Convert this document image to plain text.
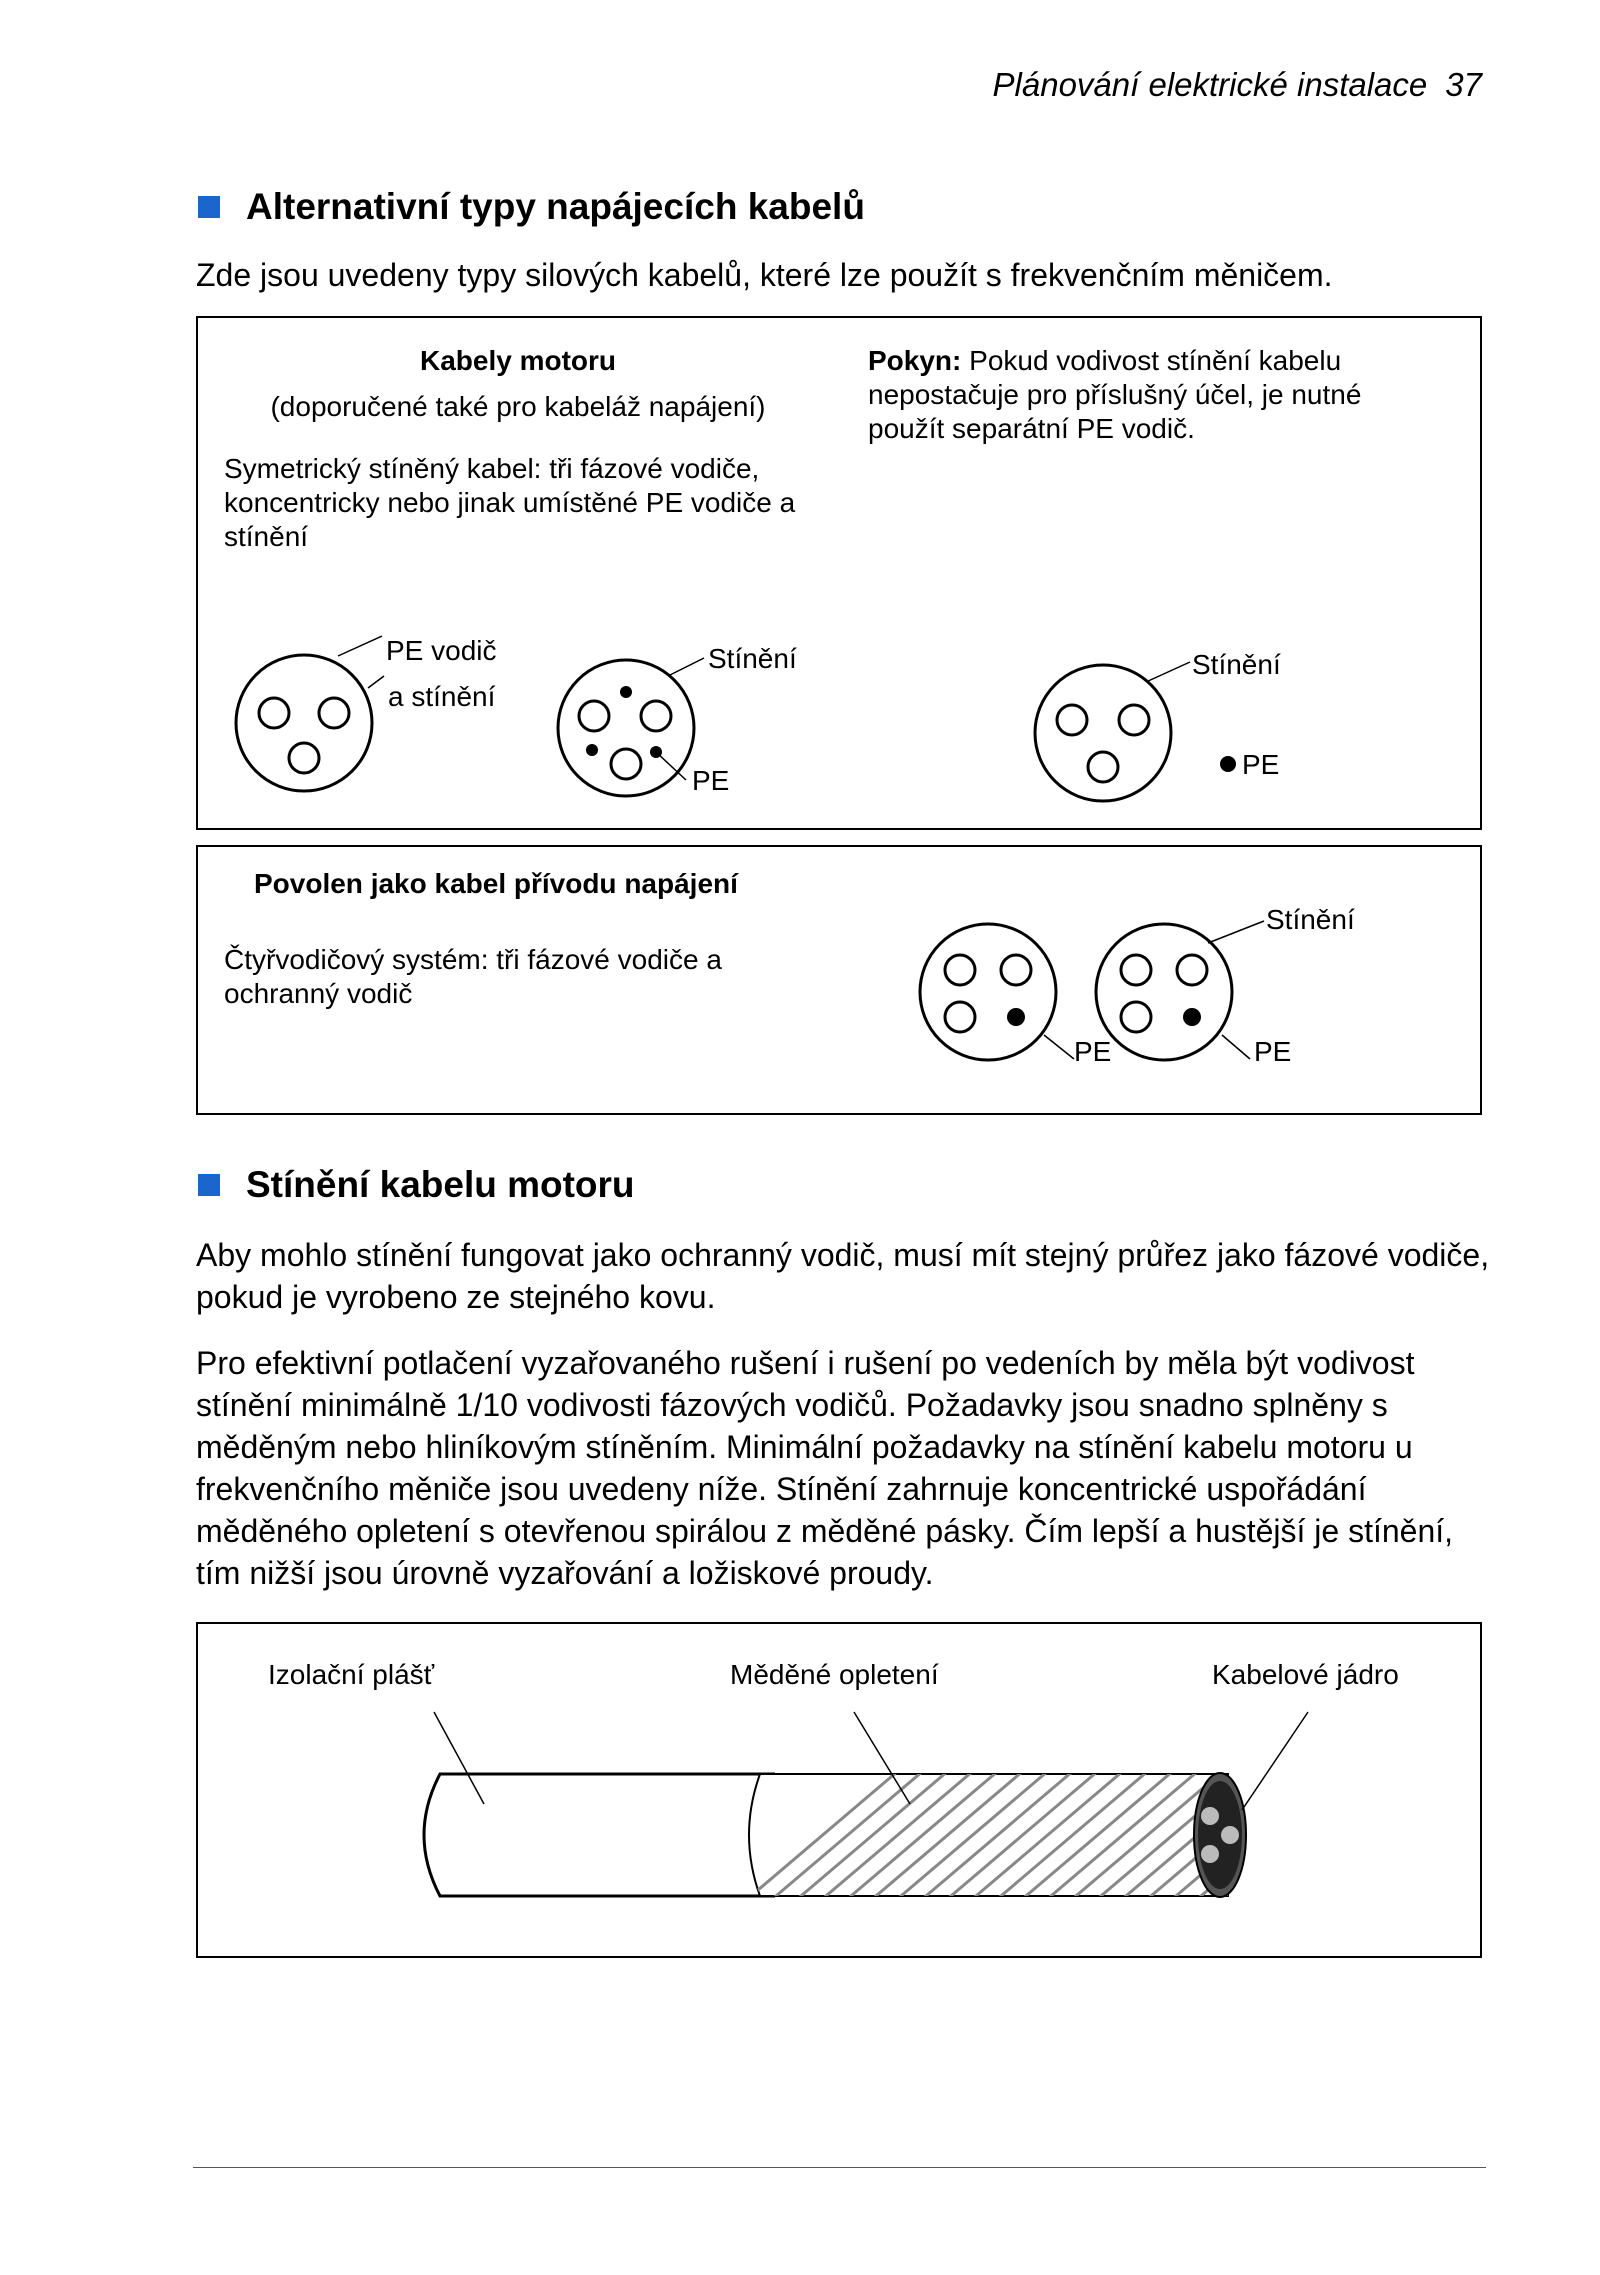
Plánování elektrické instalace 37
Alternativní typy napájecích kabelů

Zde jsou uvedeny typy silových kabelů, které lze použít s frekvenčním měničem.

Kabely motoru
(doporučené také pro kabeláž napájení)
Symetrický stíněný kabel: tři fázové vodiče, koncentricky nebo jinak umístěné PE vodiče a stínění
Pokyn: Pokud vodivost stínění kabelu nepostačuje pro příslušný účel, je nutné použít separátní PE vodič.
PE vodič
a stínění
Stínění
PE
Stínění
PE
Povolen jako kabel přívodu napájení
Čtyřvodičový systém: tři fázové vodiče a ochranný vodič
Stínění
PE	PE
Stínění kabelu motoru

Aby mohlo stínění fungovat jako ochranný vodič, musí mít stejný průřez jako fázové vodiče, pokud je vyrobeno ze stejného kovu.

Pro efektivní potlačení vyzařovaného rušení i rušení po vedeních by měla být vodivost stínění minimálně 1/10 vodivosti fázových vodičů. Požadavky jsou snadno splněny s měděným nebo hliníkovým stíněním. Minimální požadavky na stínění kabelu motoru u frekvenčního měniče jsou uvedeny níže. Stínění zahrnuje koncentrické uspořádání měděného opletení s otevřenou spirálou z měděné pásky. Čím lepší a hustější je stínění, tím nižší jsou úrovně vyzařování a ložiskové proudy.

Izolační plášť	Měděné opletení	Kabelové jádro
